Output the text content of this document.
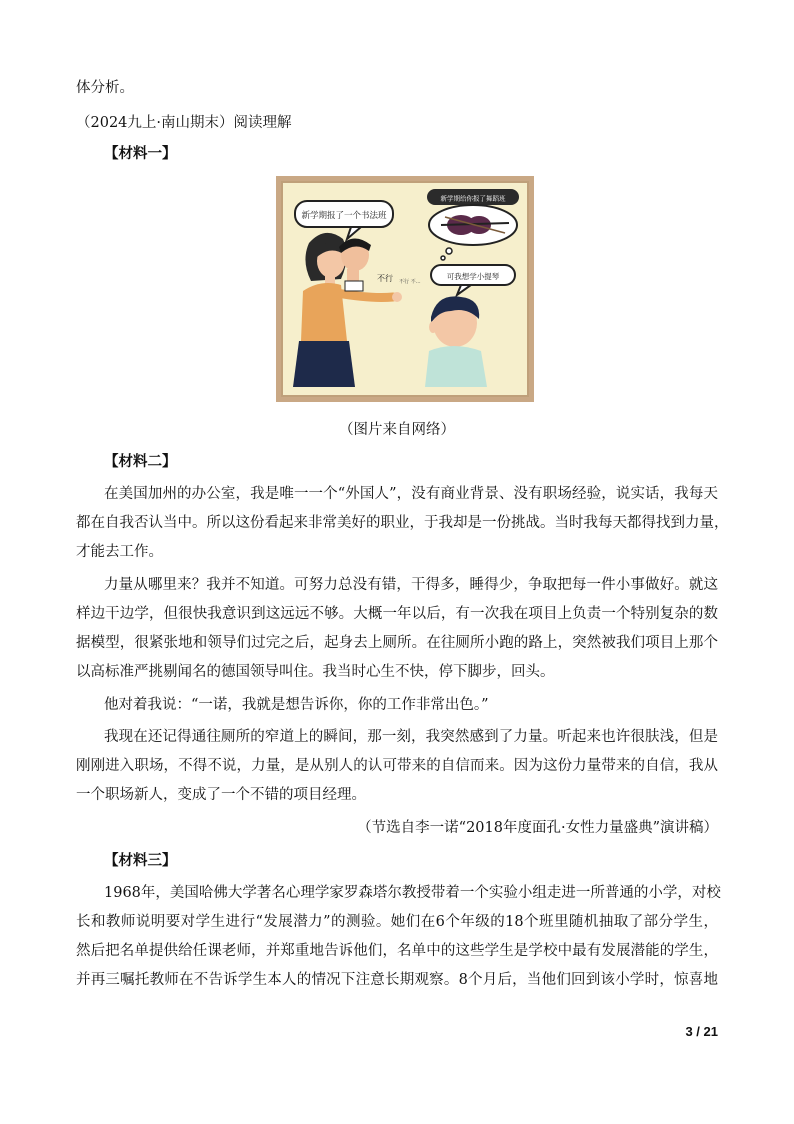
体分析。
（2024九上·南山期末）阅读理解
【材料一】
新学期报了一个书法班
新学期给你报了舞蹈班
可我想学小提琴
不行 不行 不…
（图片来自网络）
【材料二】
在美国加州的办公室，我是唯一一个“外国人”，没有商业背景、没有职场经验，说实话，我每天
都在自我否认当中。所以这份看起来非常美好的职业，于我却是一份挑战。当时我每天都得找到力量，
才能去工作。
力量从哪里来？我并不知道。可努力总没有错，干得多，睡得少，争取把每一件小事做好。就这
样边干边学，但很快我意识到这远远不够。大概一年以后，有一次我在项目上负责一个特别复杂的数
据模型，很紧张地和领导们过完之后，起身去上厕所。在往厕所小跑的路上，突然被我们项目上那个
以高标准严挑剔闻名的德国领导叫住。我当时心生不快，停下脚步，回头。
他对着我说：“一诺，我就是想告诉你，你的工作非常出色。”
我现在还记得通往厕所的窄道上的瞬间，那一刻，我突然感到了力量。听起来也许很肤浅，但是
刚刚进入职场，不得不说，力量，是从别人的认可带来的自信而来。因为这份力量带来的自信，我从
一个职场新人，变成了一个不错的项目经理。
（节选自李一诺“2018年度面孔·女性力量盛典”演讲稿）
【材料三】
1968年，美国哈佛大学著名心理学家罗森塔尔教授带着一个实验小组走进一所普通的小学，对校
长和教师说明要对学生进行“发展潜力”的测验。她们在6个年级的18个班里随机抽取了部分学生，
然后把名单提供给任课老师，并郑重地告诉他们，名单中的这些学生是学校中最有发展潜能的学生，
并再三嘱托教师在不告诉学生本人的情况下注意长期观察。8个月后，当他们回到该小学时，惊喜地
3 / 21
